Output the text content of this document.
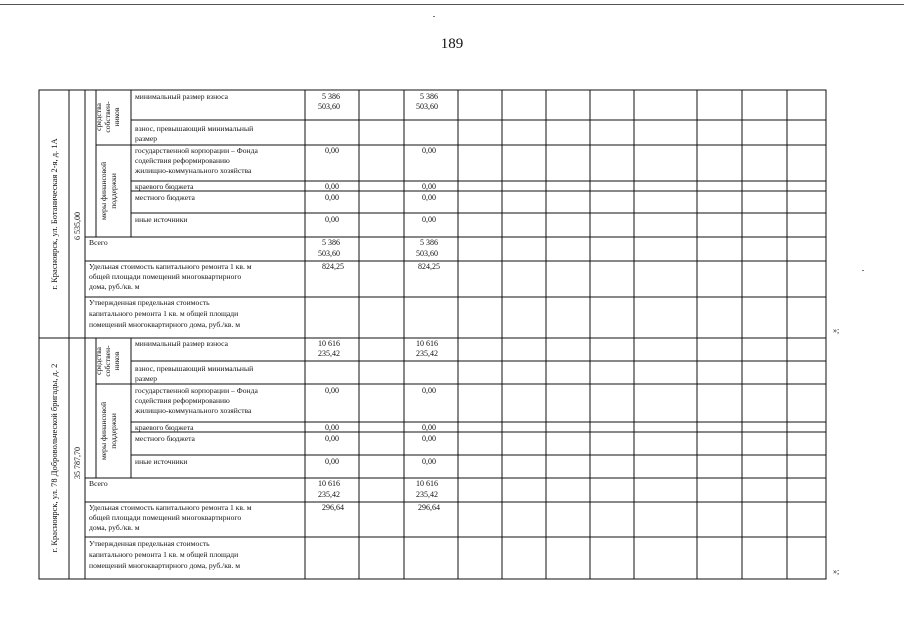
189
г. Красноярск, ул. Ботаническая 2-я, д. 1А 6 535,00
средства собствен- ников
меры финансовой поддержки
минимальный размер взноса
взнос, превышающий минимальный
размер
государственной корпорации – Фонда
содействия реформированию
жилищно-коммунального хозяйства
краевого бюджета
местного бюджета
иные источники
Всего
Удельная стоимость капитального ремонта 1 кв. м
общей площади помещений многоквартирного
дома, руб./кв. м
Утвержденная предельная стоимость
капитального ремонта 1 кв. м общей площади
помещений многоквартирного дома, руб./кв. м
5 386
503,60
0,00
0,00
0,00
0,00
5 386
503,60
824,25
5 386
503,60
0,00
0,00
0,00
0,00
5 386
503,60
824,25
г. Красноярск, ул. 78 Добровольческой бригады, д. 2 35 787,70
средства собствен- ников
меры финансовой поддержки
минимальный размер взноса
взнос, превышающий минимальный
размер
государственной корпорации – Фонда
содействия реформированию
жилищно-коммунального хозяйства
краевого бюджета
местного бюджета
иные источники
Всего
Удельная стоимость капитального ремонта 1 кв. м
общей площади помещений многоквартирного
дома, руб./кв. м
Утвержденная предельная стоимость
капитального ремонта 1 кв. м общей площади
помещений многоквартирного дома, руб./кв. м
10 616
235,42
0,00
0,00
0,00
0,00
10 616
235,42
296,64
10 616
235,42
0,00
0,00
0,00
0,00
10 616
235,42
296,64
»;
»;
